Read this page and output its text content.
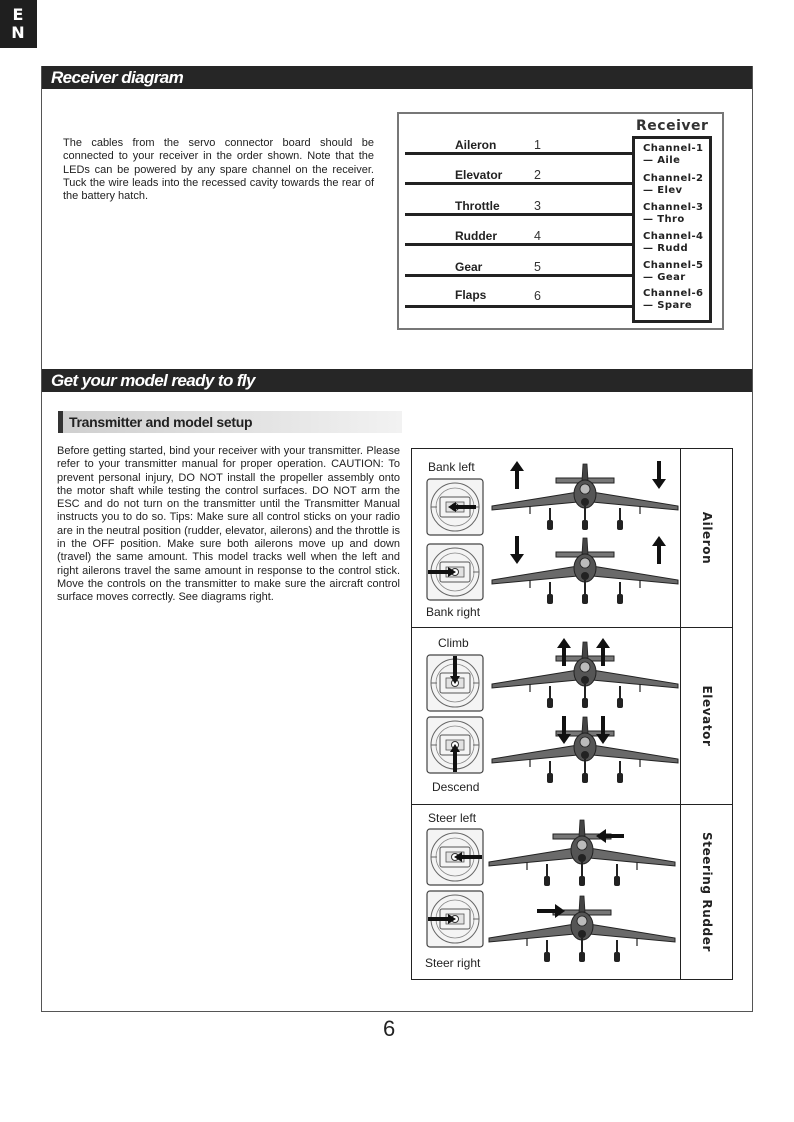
E
N
Receiver diagram

The cables from the servo connector board should be connected to your receiver in the order shown. Note that the LEDs can be powered by any spare channel on the receiver. Tuck the wire leads into the recessed cavity towards the rear of the battery hatch.

Receiver
Aileron
Elevator
Throttle
Rudder
Gear
Flaps
1
2
3
4
5
6
Channel-1
— Aile
Channel-2
— Elev
Channel-3
— Thro
Channel-4
— Rudd
Channel-5
— Gear
Channel-6
— Spare
Get your model ready to fly
Transmitter and model setup

Before getting started, bind your receiver with your transmitter. Please refer to your transmitter manual for proper operation. CAUTION: To prevent personal injury, DO NOT install the propeller assembly onto the motor shaft while testing the control surfaces. DO NOT arm the ESC and do not turn on the transmitter until the Transmitter Manual instructs you to do so. Tips: Make sure all control sticks on your radio are in the neutral position (rudder, elevator, ailerons) and the throttle is in the OFF position. Make sure both ailerons move up and down (travel) the same amount. This model tracks well when the left and right ailerons travel the same amount in response to the control stick. Move the controls on the transmitter to make sure the aircraft control surface moves correctly. See diagrams right.

Aileron
Bank left
Bank right
Elevator
Climb
Descend
Steering Rudder
Steer left
Steer right
6
